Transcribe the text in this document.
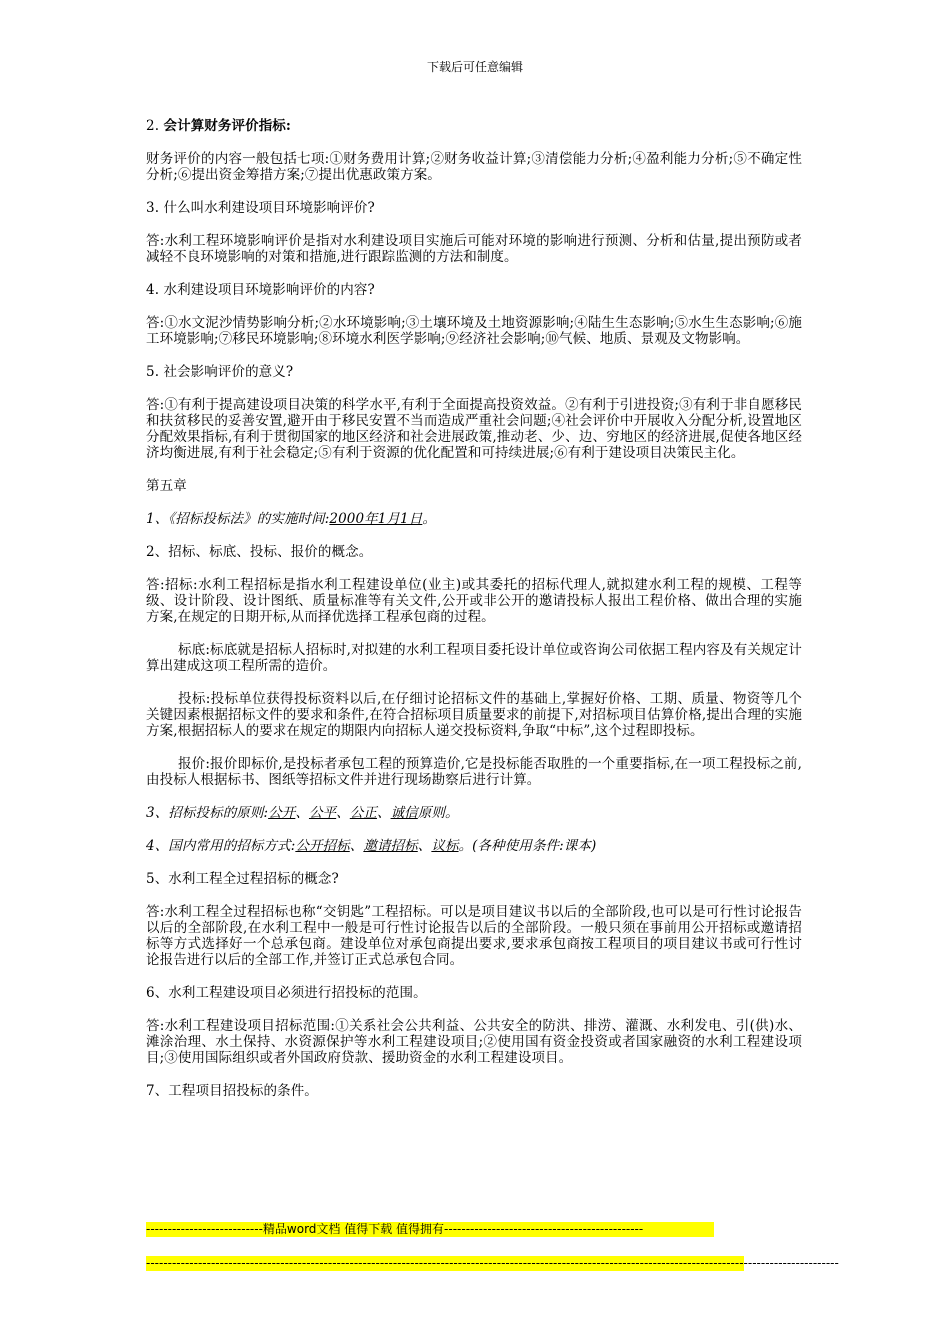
下载后可任意编辑

2. 会计算财务评价指标:

财务评价的内容一般包括七项:①财务费用计算;②财务收益计算;③清偿能力分析;④盈利能力分析;⑤不确定性分析;⑥提出资金筹措方案;⑦提出优惠政策方案。

3. 什么叫水利建设项目环境影响评价?

答:水利工程环境影响评价是指对水利建设项目实施后可能对环境的影响进行预测、分析和估量,提出预防或者减轻不良环境影响的对策和措施,进行跟踪监测的方法和制度。

4. 水利建设项目环境影响评价的内容?

答:①水文泥沙情势影响分析;②水环境影响;③土壤环境及土地资源影响;④陆生生态影响;⑤水生生态影响;⑥施工环境影响;⑦移民环境影响;⑧环境水利医学影响;⑨经济社会影响;⑩气候、地质、景观及文物影响。

5. 社会影响评价的意义?

答:①有利于提高建设项目决策的科学水平,有利于全面提高投资效益。②有利于引进投资;③有利于非自愿移民和扶贫移民的妥善安置,避开由于移民安置不当而造成严重社会问题;④社会评价中开展收入分配分析,设置地区分配效果指标,有利于贯彻国家的地区经济和社会进展政策,推动老、少、边、穷地区的经济进展,促使各地区经济均衡进展,有利于社会稳定;⑤有利于资源的优化配置和可持续进展;⑥有利于建设项目决策民主化。

第五章

1、《招标投标法》的实施时间:2000年1月1日。

2、招标、标底、投标、报价的概念。

答:招标:水利工程招标是指水利工程建设单位(业主)或其委托的招标代理人,就拟建水利工程的规模、工程等级、设计阶段、设计图纸、质量标准等有关文件,公开或非公开的邀请投标人报出工程价格、做出合理的实施方案,在规定的日期开标,从而择优选择工程承包商的过程。

标底:标底就是招标人招标时,对拟建的水利工程项目委托设计单位或咨询公司依据工程内容及有关规定计算出建成这项工程所需的造价。

投标:投标单位获得投标资料以后,在仔细讨论招标文件的基础上,掌握好价格、工期、质量、物资等几个关键因素根据招标文件的要求和条件,在符合招标项目质量要求的前提下,对招标项目估算价格,提出合理的实施方案,根据招标人的要求在规定的期限内向招标人递交投标资料,争取“中标”,这个过程即投标。

报价:报价即标价,是投标者承包工程的预算造价,它是投标能否取胜的一个重要指标,在一项工程投标之前,由投标人根据标书、图纸等招标文件并进行现场勘察后进行计算。

3、招标投标的原则:公开、公平、公正、诚信原则。

4、国内常用的招标方式:公开招标、邀请招标、议标。(各种使用条件:课本)

5、水利工程全过程招标的概念?

答:水利工程全过程招标也称“交钥匙”工程招标。可以是项目建议书以后的全部阶段,也可以是可行性讨论报告以后的全部阶段,在水利工程中一般是可行性讨论报告以后的全部阶段。一般只须在事前用公开招标或邀请招标等方式选择好一个总承包商。建设单位对承包商提出要求,要求承包商按工程项目的项目建议书或可行性讨论报告进行以后的全部工作,并签订正式总承包合同。

6、水利工程建设项目必须进行招投标的范围。

答:水利工程建设项目招标范围:①关系社会公共利益、公共安全的防洪、排涝、灌溉、水利发电、引(供)水、滩涂治理、水土保持、水资源保护等水利工程建设项目;②使用国有资金投资或者国家融资的水利工程建设项目;③使用国际组织或者外国政府贷款、援助资金的水利工程建设项目。

7、工程项目招投标的条件。

---------------------------精品word文档 值得下载 值得拥有----------------------------------------------
----------------------------------------------------------------------------------------------------------------------------------------------------------------
